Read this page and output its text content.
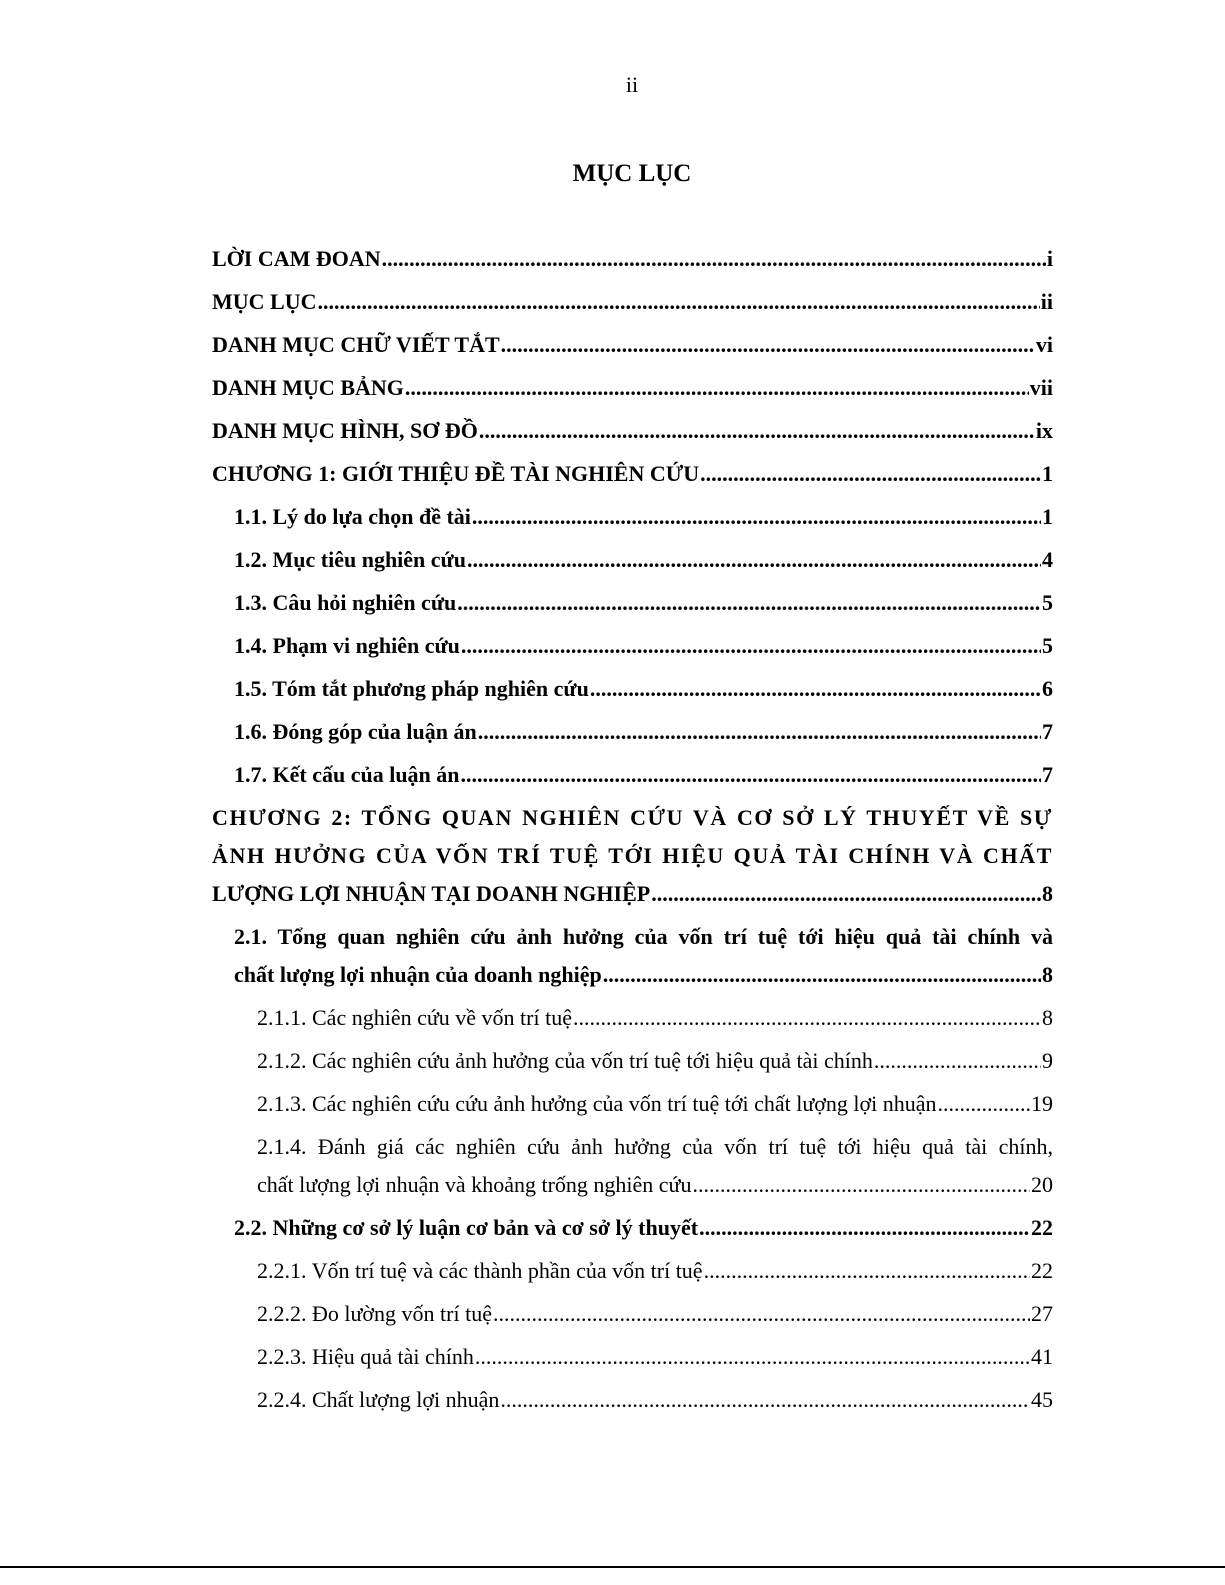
ii
MỤC LỤC
LỜI CAM ĐOAN .....	i
MỤC LỤC .....	ii
DANH MỤC CHỮ VIẾT TẮT .....	vi
DANH MỤC BẢNG .....	vii
DANH MỤC HÌNH, SƠ ĐỒ .....	ix
CHƯƠNG 1: GIỚI THIỆU ĐỀ TÀI NGHIÊN CỨU .....	1
1.1. Lý do lựa chọn đề tài .....	1
1.2. Mục tiêu nghiên cứu .....	4
1.3. Câu hỏi nghiên cứu .....	5
1.4. Phạm vi nghiên cứu .....	5
1.5. Tóm tắt phương pháp nghiên cứu .....	6
1.6. Đóng góp của luận án .....	7
1.7. Kết cấu của luận án .....	7
CHƯƠNG 2: TỔNG QUAN NGHIÊN CỨU VÀ CƠ SỞ LÝ THUYẾT VỀ SỰ
ẢNH HƯỞNG CỦA VỐN TRÍ TUỆ TỚI HIỆU QUẢ TÀI CHÍNH VÀ CHẤT
LƯỢNG LỢI NHUẬN TẠI DOANH NGHIỆP .....	8
2.1. Tổng quan nghiên cứu ảnh hưởng của vốn trí tuệ tới hiệu quả tài chính và
chất lượng lợi nhuận của doanh nghiệp .....	8
2.1.1. Các nghiên cứu về vốn trí tuệ .....	8
2.1.2. Các nghiên cứu ảnh hưởng của vốn trí tuệ tới hiệu quả tài chính .....	9
2.1.3. Các nghiên cứu cứu ảnh hưởng của vốn trí tuệ tới chất lượng lợi nhuận .....	19
2.1.4. Đánh giá các nghiên cứu ảnh hưởng của vốn trí tuệ tới hiệu quả tài chính,
chất lượng lợi nhuận và khoảng trống nghiên cứu .....	20
2.2. Những cơ sở lý luận cơ bản và cơ sở lý thuyết .....	22
2.2.1. Vốn trí tuệ và các thành phần của vốn trí tuệ .....	22
2.2.2. Đo lường vốn trí tuệ .....	27
2.2.3. Hiệu quả tài chính .....	41
2.2.4. Chất lượng lợi nhuận .....	45
